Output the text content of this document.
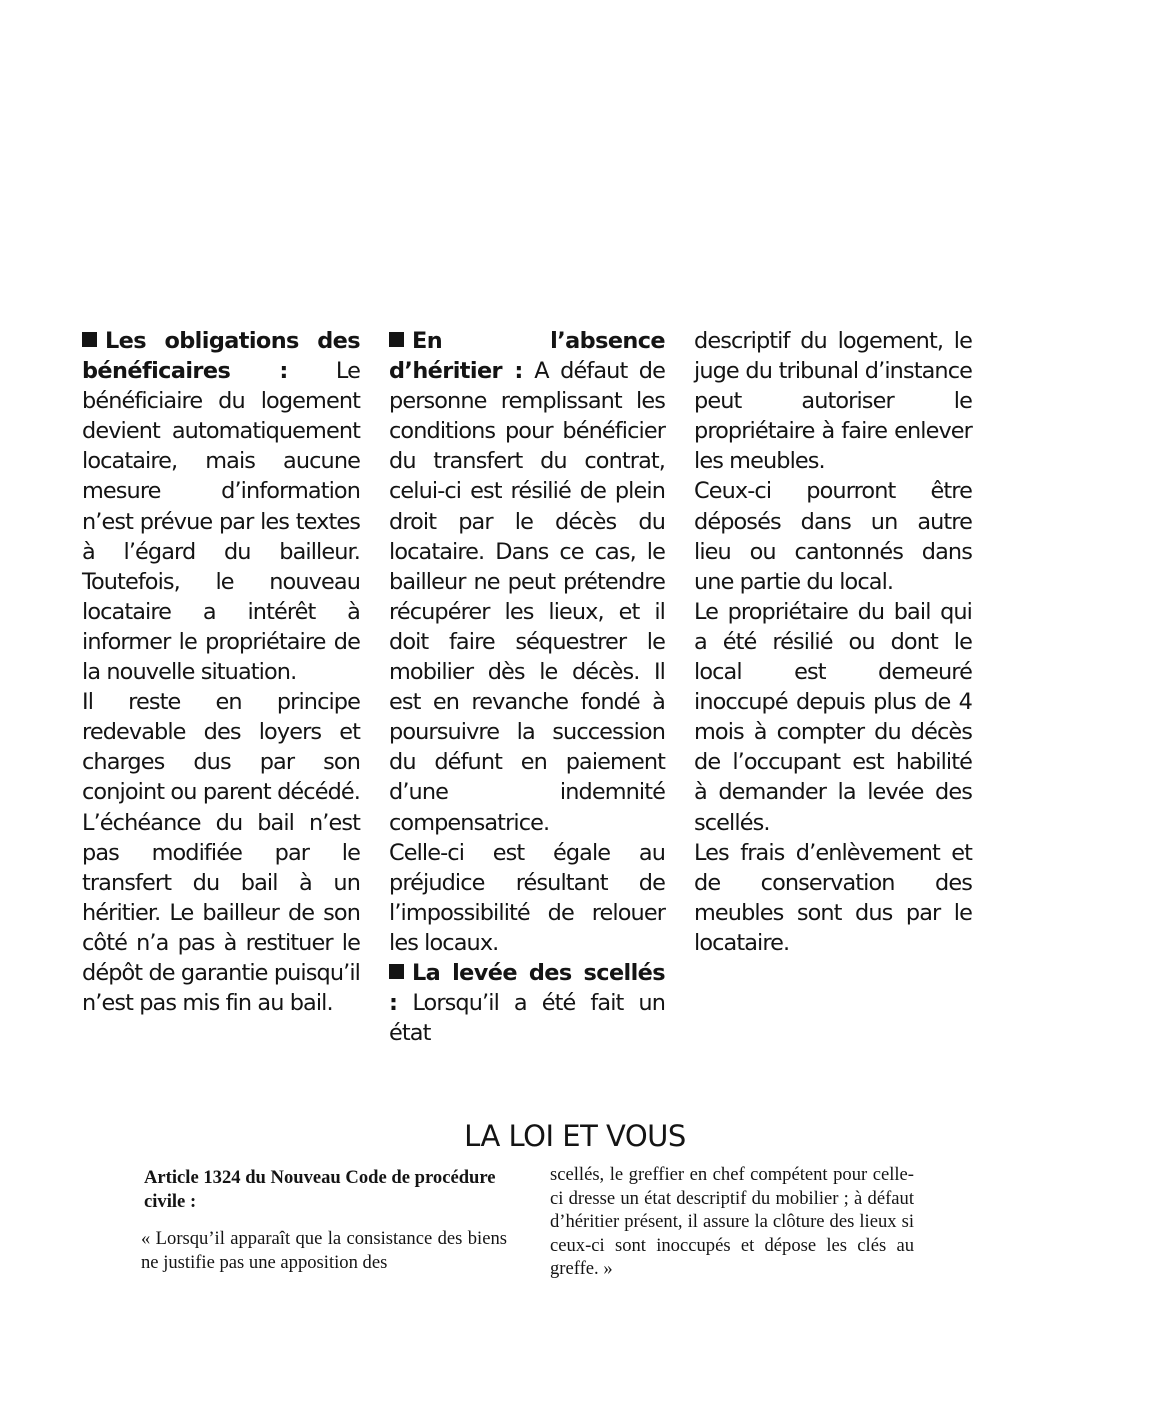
Les obligations des bénéficaires : Le bénéficiaire du logement devient automatiquement locataire, mais aucune mesure d’information n’est prévue par les textes à l’égard du bailleur. Toutefois, le nouveau locataire a intérêt à informer le propriétaire de la nouvelle situation.

Il reste en principe redevable des loyers et charges dus par son conjoint ou parent décédé. L’échéance du bail n’est pas modifiée par le transfert du bail à un héritier. Le bailleur de son côté n’a pas à restituer le dépôt de garantie puisqu’il n’est pas mis fin au bail.

En l’absence d’héritier : A défaut de personne remplissant les conditions pour bénéficier du transfert du contrat, celui-ci est résilié de plein droit par le décès du locataire. Dans ce cas, le bailleur ne peut prétendre récupérer les lieux, et il doit faire séquestrer le mobilier dès le décès. Il est en revanche fondé à poursuivre la succession du défunt en paiement d’une indemnité compensatrice.

Celle-ci est égale au préjudice résultant de l’impossibilité de relouer les locaux.

La levée des scellés : Lorsqu’il a été fait un état

descriptif du logement, le juge du tribunal d’instance peut autoriser le propriétaire à faire enlever les meubles.

Ceux-ci pourront être déposés dans un autre lieu ou cantonnés dans une partie du local.

Le propriétaire du bail qui a été résilié ou dont le local est demeuré inoccupé depuis plus de 4 mois à compter du décès de l’occupant est habilité à demander la levée des scellés.

Les frais d’enlèvement et de conservation des meubles sont dus par le locataire.

LA LOI ET VOUS

Article 1324 du Nouveau Code de procédure civile :

« Lorsqu’il apparaît que la consistance des biens ne justifie pas une apposition des

scellés, le greffier en chef compétent pour celle-ci dresse un état descriptif du mobilier ; à défaut d’héritier présent, il assure la clôture des lieux si ceux-ci sont inoccupés et dépose les clés au greffe. »
